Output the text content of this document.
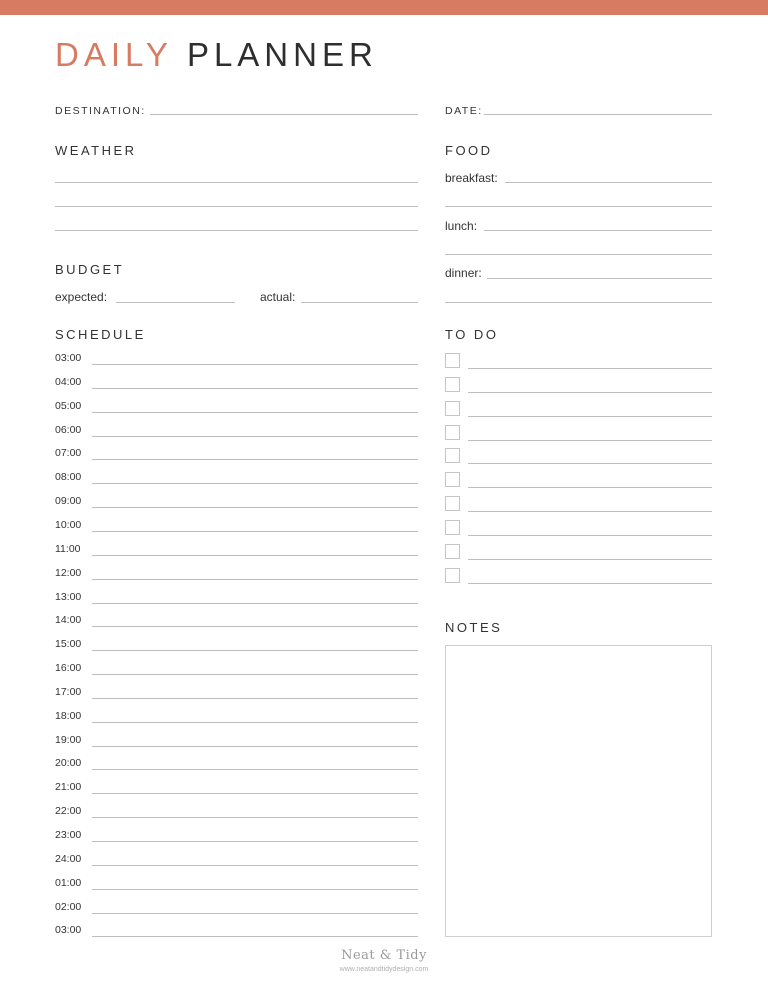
DAILY PLANNER
DESTINATION:	DATE:
WEATHER	FOOD
breakfast:
lunch:
dinner:
BUDGET
expected:	actual:
SCHEDULE
03:00
04:00
05:00
06:00
07:00
08:00
09:00
10:00
11:00
12:00
13:00
14:00
15:00
16:00
17:00
18:00
19:00
20:00
21:00
22:00
23:00
24:00
01:00
02:00
03:00
TO DO
NOTES
Neat & Tidy
www.neatandtidydesign.com
